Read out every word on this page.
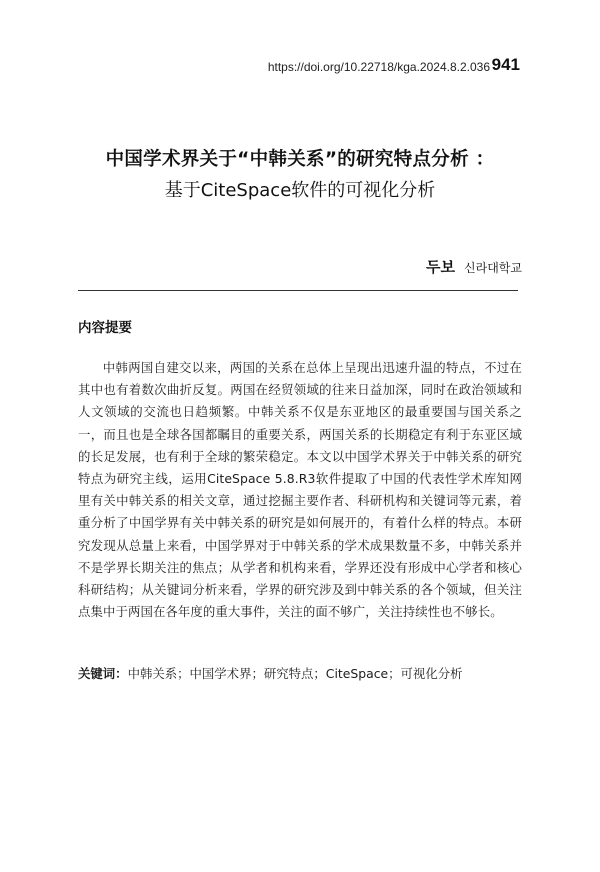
https://doi.org/10.22718/kga.2024.8.2.036 941
中国学术界关于“中韩关系”的研究特点分析 ：
基于CiteSpace软件的可视化分析
두보 신라대학교
内容提要

中韩两国自建交以来，两国的关系在总体上呈现出迅速升温的特点，不过在其中也有着数次曲折反复。两国在经贸领域的往来日益加深，同时在政治领域和人文领域的交流也日趋频繁。中韩关系不仅是东亚地区的最重要国与国关系之一，而且也是全球各国都瞩目的重要关系，两国关系的长期稳定有利于东亚区域的长足发展，也有利于全球的繁荣稳定。本文以中国学术界关于中韩关系的研究特点为研究主线，运用CiteSpace 5.8.R3软件提取了中国的代表性学术库知网里有关中韩关系的相关文章，通过挖掘主要作者、科研机构和关键词等元素，着重分析了中国学界有关中韩关系的研究是如何展开的，有着什么样的特点。本研究发现从总量上来看，中国学界对于中韩关系的学术成果数量不多，中韩关系并不是学界长期关注的焦点；从学者和机构来看，学界还没有形成中心学者和核心科研结构；从关键词分析来看，学界的研究涉及到中韩关系的各个领域，但关注点集中于两国在各年度的重大事件，关注的面不够广，关注持续性也不够长。

关键词：中韩关系；中国学术界；研究特点；CiteSpace；可视化分析
